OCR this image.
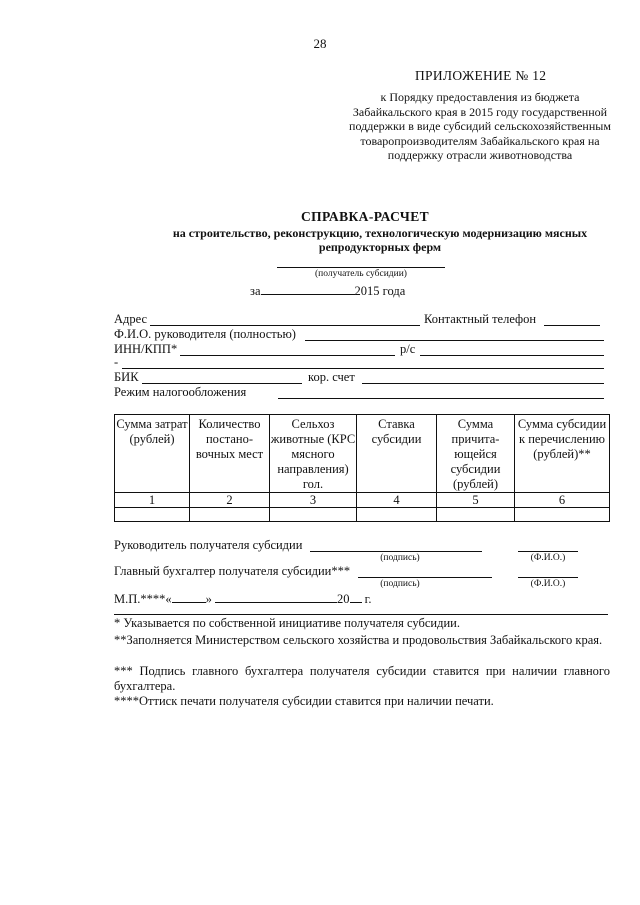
28
ПРИЛОЖЕНИЕ № 12
к Порядку предоставления из бюджета Забайкальского края в 2015 году государственной поддержки в виде субсидий сельскохозяйственным товаропроизводителям Забайкальского края на поддержку отрасли животноводства
СПРАВКА-РАСЧЕТ
на строительство, реконструкцию, технологическую модернизацию мясных репродукторных ферм
(получатель субсидии)
за	2015 года
Адрес	Контактный телефон
Ф.И.О. руководителя (полностью)
ИНН/КПП*	р/с
-
БИК	кор. счет
Режим налогообложения
Сумма затрат (рублей)	Количество постано-вочных мест	Сельхоз животные (КРС мясного направления) гол.	Ставка субсидии	Сумма причита-ющейся субсидии (рублей)	Сумма субсидии к перечислению (рублей)**
1	2	3	4	5	6

Руководитель получателя субсидии
(подпись)	(Ф.И.О.)
Главный бухгалтер получателя субсидии***
(подпись)	(Ф.И.О.)
М.П.****«	»	20 г.
* Указывается по собственной инициативе получателя субсидии.
**Заполняется Министерством сельского хозяйства и продовольствия Забайкальского края.
*** Подпись главного бухгалтера получателя субсидии ставится при наличии главного бухгалтера.
****Оттиск печати получателя субсидии ставится при наличии печати.
